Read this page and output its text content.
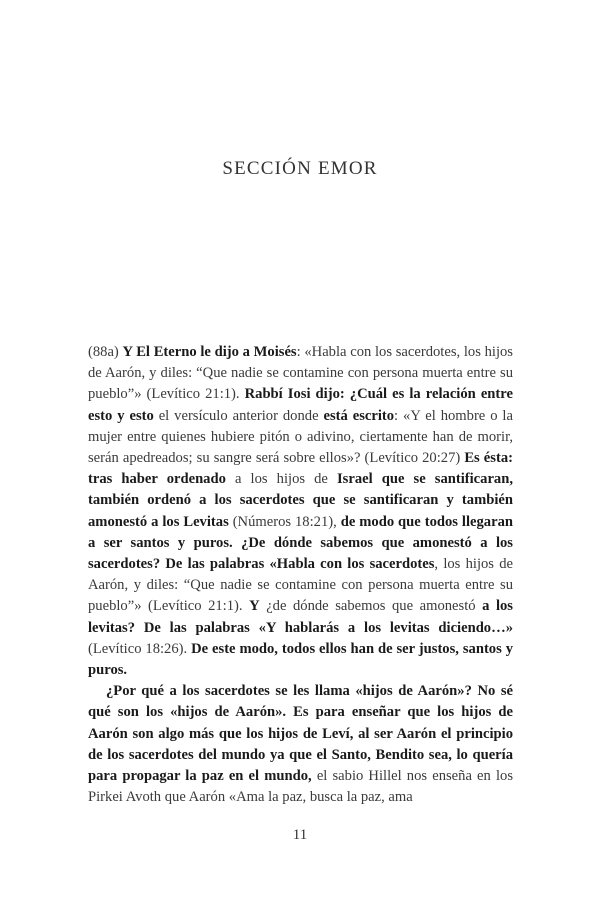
SECCIÓN EMOR

(88a) Y El Eterno le dijo a Moisés: «Habla con los sacerdotes, los hijos de Aarón, y diles: “Que nadie se contamine con persona muerta entre su pueblo”» (Levítico 21:1). Rabbí Iosi dijo: ¿Cuál es la relación entre esto y esto el versículo anterior donde está escrito: «Y el hombre o la mujer entre quienes hubiere pitón o adivino, ciertamente han de morir, serán apedreados; su sangre será sobre ellos»? (Levítico 20:27) Es ésta: tras haber ordenado a los hijos de Israel que se santificaran, también ordenó a los sacerdotes que se santificaran y también amonestó a los Levitas (Números 18:21), de modo que todos llegaran a ser santos y puros. ¿De dónde sabemos que amonestó a los sacerdotes? De las palabras «Habla con los sacerdotes, los hijos de Aarón, y diles: “Que nadie se contamine con persona muerta entre su pueblo”» (Levítico 21:1). Y ¿de dónde sabemos que amonestó a los levitas? De las palabras «Y hablarás a los levitas diciendo…» (Levítico 18:26). De este modo, todos ellos han de ser justos, santos y puros.

¿Por qué a los sacerdotes se les llama «hijos de Aarón»? No sé qué son los «hijos de Aarón». Es para enseñar que los hijos de Aarón son algo más que los hijos de Leví, al ser Aarón el principio de los sacerdotes del mundo ya que el Santo, Bendito sea, lo quería para propagar la paz en el mundo, el sabio Hillel nos enseña en los Pirkei Avoth que Aarón «Ama la paz, busca la paz, ama

11
